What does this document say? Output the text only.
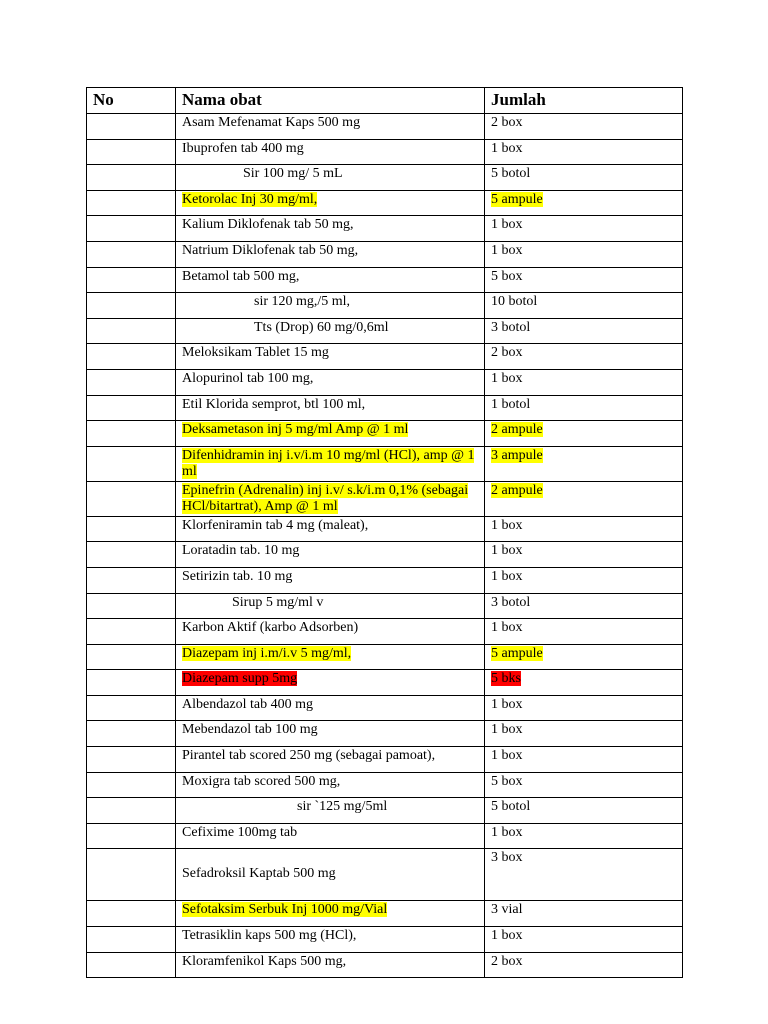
No	Nama obat	Jumlah
	Asam Mefenamat Kaps 500 mg	2 box
	Ibuprofen tab 400 mg	1 box
	Sir 100 mg/ 5 mL	5 botol
	Ketorolac Inj 30 mg/ml,	5 ampule
	Kalium Diklofenak tab 50 mg,	1 box
	Natrium Diklofenak tab 50 mg,	1 box
	Betamol tab 500 mg,	5 box
	sir 120 mg,/5 ml,	10 botol
	Tts (Drop) 60 mg/0,6ml	3 botol
	Meloksikam Tablet 15 mg	2 box
	Alopurinol tab 100 mg,	1 box
	Etil Klorida semprot, btl 100 ml,	1 botol
	Deksametason inj 5 mg/ml Amp @ 1 ml	2 ampule
	Difenhidramin inj i.v/i.m 10 mg/ml (HCl), amp @ 1 ml	3 ampule
	Epinefrin (Adrenalin) inj i.v/ s.k/i.m 0,1% (sebagai HCl/bitartrat), Amp @ 1 ml	2 ampule
	Klorfeniramin tab 4 mg (maleat),	1 box
	Loratadin tab. 10 mg	1 box
	Setirizin tab. 10 mg	1 box
	Sirup 5 mg/ml v	3 botol
	Karbon Aktif (karbo Adsorben)	1 box
	Diazepam inj i.m/i.v 5 mg/ml,	5 ampule
	Diazepam supp 5mg	5 bks
	Albendazol tab 400 mg	1 box
	Mebendazol tab 100 mg	1 box
	Pirantel tab scored 250 mg (sebagai pamoat),	1 box
	Moxigra tab scored 500 mg,	5 box
	sir `125 mg/5ml	5 botol
	Cefixime 100mg tab	1 box
	Sefadroksil Kaptab 500 mg	3 box
	Sefotaksim Serbuk Inj 1000 mg/Vial	3 vial
	Tetrasiklin kaps 500 mg (HCl),	1 box
	Kloramfenikol Kaps 500 mg,	2 box
